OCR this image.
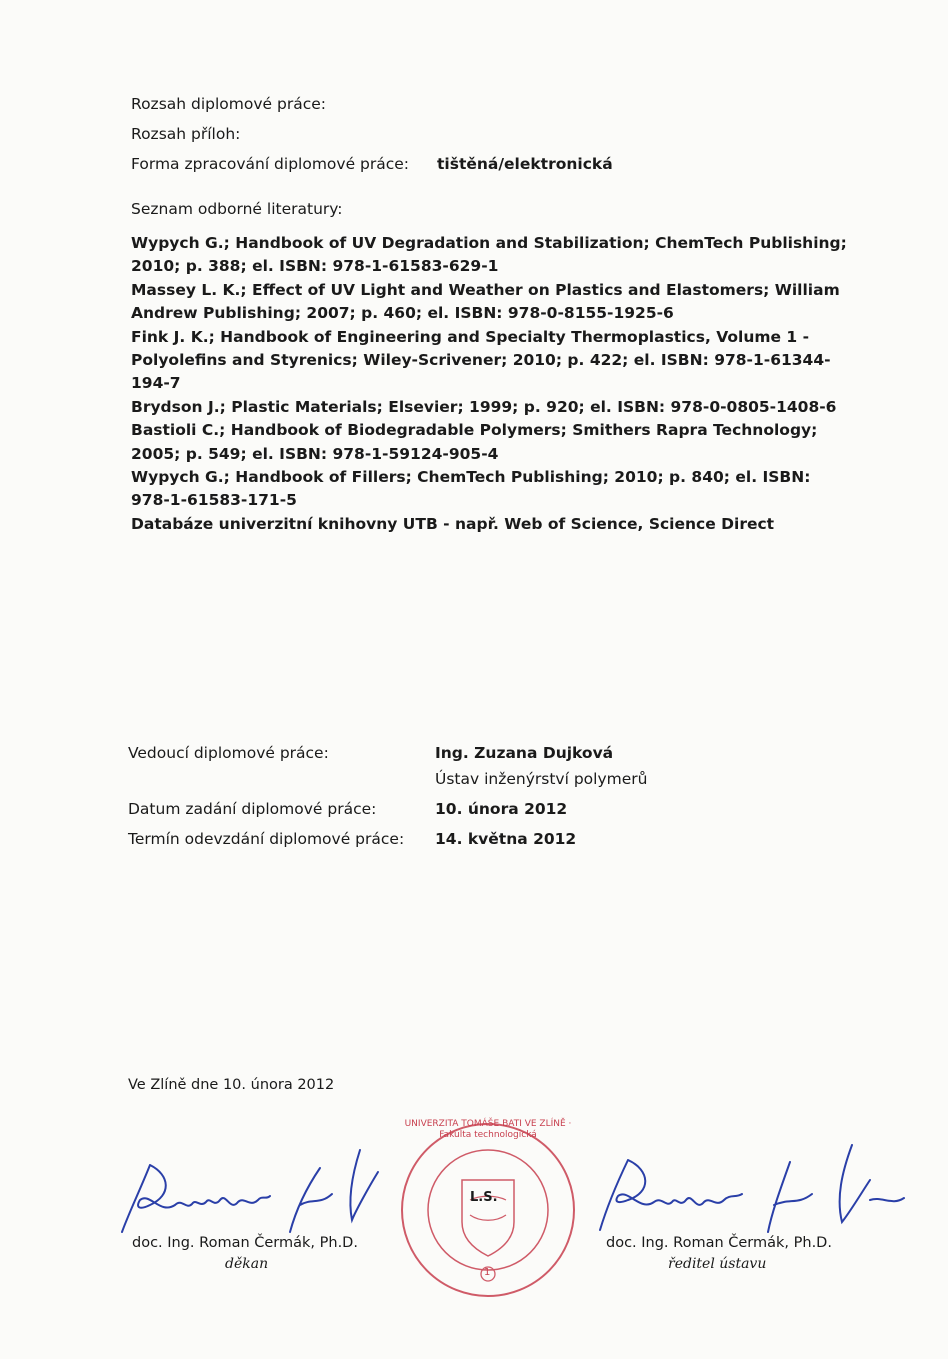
Rozsah diplomové práce:
Rozsah příloh:
Forma zpracování diplomové práce: tištěná/elektronická
Seznam odborné literatury:

Wypych G.; Handbook of UV Degradation and Stabilization; ChemTech Publishing; 2010; p. 388; el. ISBN: 978-1-61583-629-1

Massey L. K.; Effect of UV Light and Weather on Plastics and Elastomers; William Andrew Publishing; 2007; p. 460; el. ISBN: 978-0-8155-1925-6

Fink J. K.; Handbook of Engineering and Specialty Thermoplastics, Volume 1 - Polyolefins and Styrenics; Wiley-Scrivener; 2010; p. 422; el. ISBN: 978-1-61344-194-7

Brydson J.; Plastic Materials; Elsevier; 1999; p. 920; el. ISBN: 978-0-0805-1408-6

Bastioli C.; Handbook of Biodegradable Polymers; Smithers Rapra Technology; 2005; p. 549; el. ISBN: 978-1-59124-905-4

Wypych G.; Handbook of Fillers; ChemTech Publishing; 2010; p. 840; el. ISBN: 978-1-61583-171-5

Databáze univerzitní knihovny UTB - např. Web of Science, Science Direct

Vedoucí diplomové práce:	Ing. Zuzana Dujková
Ústav inženýrství polymerů
Datum zadání diplomové práce:	10. února 2012
Termín odevzdání diplomové práce: 14. května 2012
Ve Zlíně dne 10. února 2012
UNIVERZITA TOMÁŠE BATI VE ZLÍNĚ · Fakulta technologická
L.S.
1
doc. Ing. Roman Čermák, Ph.D.
děkan
doc. Ing. Roman Čermák, Ph.D.
ředitel ústavu
